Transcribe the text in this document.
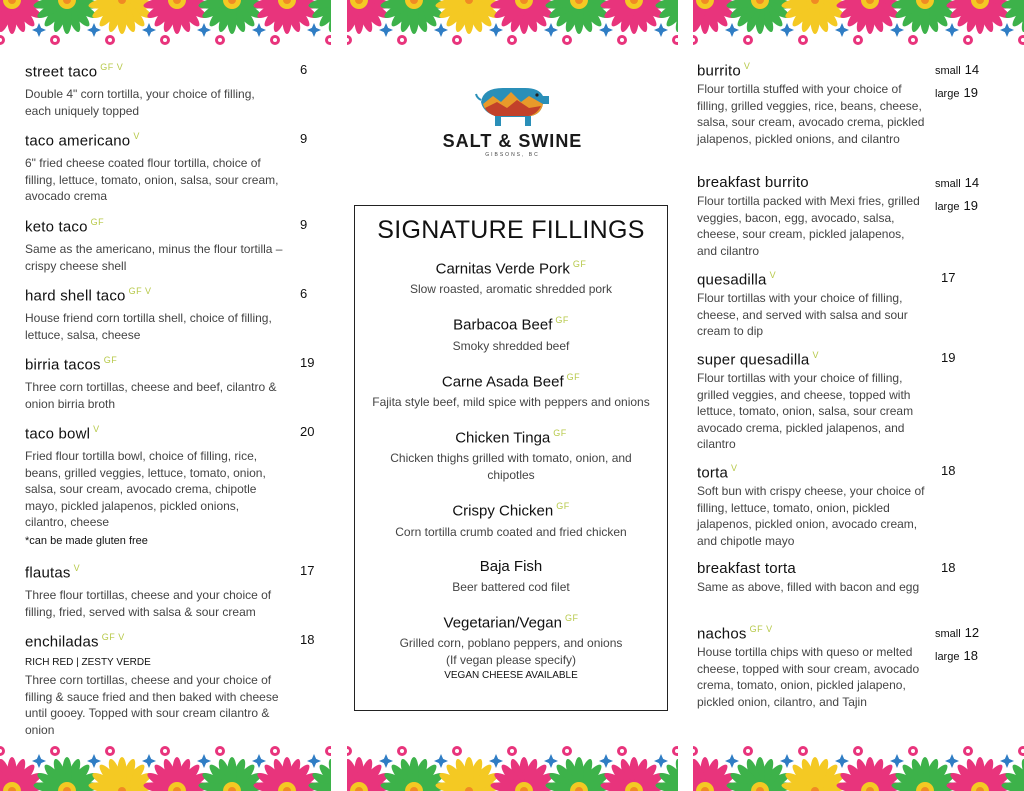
street taco $^{GF V}$	6
Double 4" corn tortilla, your choice of filling, each uniquely topped
taco americano $^V$	9
6" fried cheese coated flour tortilla, choice of filling, lettuce, tomato, onion, salsa, sour cream, avocado crema
keto taco $^{GF}$	9
Same as the americano, minus the flour tortilla – crispy cheese shell
hard shell taco $^{GF V}$	6
House friend corn tortilla shell, choice of filling, lettuce, salsa, cheese
birria tacos $^{GF}$	19
Three corn tortillas, cheese and beef, cilantro & onion birria broth
taco bowl $^V$	20
Fried flour tortilla bowl, choice of filling, rice, beans, grilled veggies, lettuce, tomato, onion, salsa, sour cream, avocado crema, chipotle mayo, pickled jalapenos, pickled onions, cilantro, cheese
*can be made gluten free
flautas $^V$	17
Three flour tortillas, cheese and your choice of filling, fried, served with salsa & sour cream
enchiladas $^{GF V}$	18
RICH RED | ZESTY VERDE
Three corn tortillas, cheese and your choice of filling & sauce fried and then baked with cheese until gooey. Topped with sour cream cilantro & onion
SALT & SWINE
GIBSONS, BC
SIGNATURE FILLINGS
Carnitas Verde Pork $^{GF}$
Slow roasted, aromatic shredded pork
Barbacoa Beef $^{GF}$
Smoky shredded beef
Carne Asada Beef $^{GF}$
Fajita style beef, mild spice with peppers and onions
Chicken Tinga $^{GF}$
Chicken thighs grilled with tomato, onion, and chipotles
Crispy Chicken $^{GF}$
Corn tortilla crumb coated and fried chicken
Baja Fish
Beer battered cod filet
Vegetarian/Vegan $^{GF}$
Grilled corn, poblano peppers, and onions
(If vegan please specify)
VEGAN CHEESE AVAILABLE
burrito $^V$	small 14
large 19
Flour tortilla stuffed with your choice of filling, grilled veggies, rice, beans, cheese, salsa, sour cream, avocado crema, pickled jalapenos, pickled onions, and cilantro
breakfast burrito	small 14
large 19
Flour tortilla packed with Mexi fries, grilled veggies, bacon, egg, avocado, salsa, cheese, sour cream, pickled jalapenos, and cilantro
quesadilla $^V$	17
Flour tortillas with your choice of filling, cheese, and served with salsa and sour cream to dip
super quesadilla $^V$	19
Flour tortillas with your choice of filling, grilled veggies, and cheese, topped with lettuce, tomato, onion, salsa, sour cream avocado crema, pickled jalapenos, and cilantro
torta $^V$	18
Soft bun with crispy cheese, your choice of filling, lettuce, tomato, onion, pickled jalapenos, pickled onion, avocado cream, and chipotle mayo
breakfast torta	18
Same as above, filled with bacon and egg
nachos $^{GF V}$	small 12
large 18
House tortilla chips with queso or melted cheese, topped with sour cream, avocado crema, tomato, onion, pickled jalapeno, pickled onion, cilantro, and Tajin
